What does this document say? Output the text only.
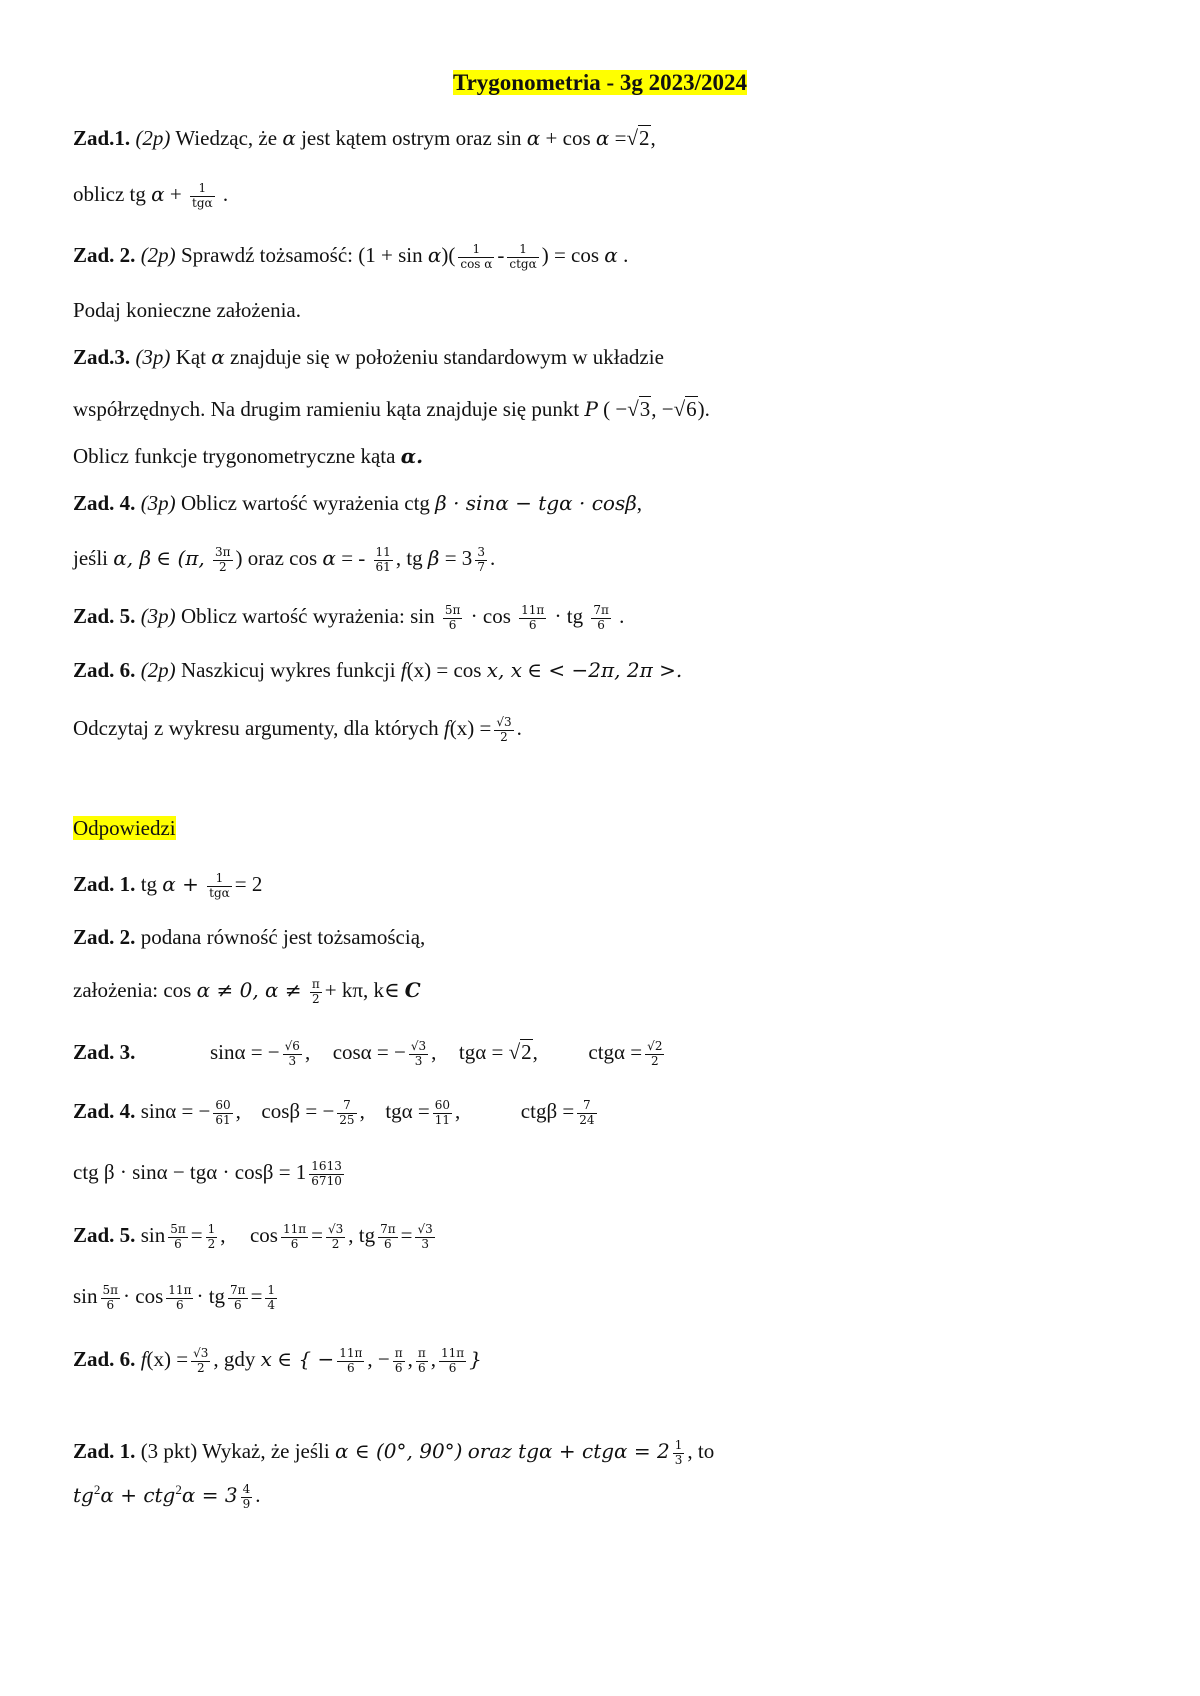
Trygonometria - 3g 2023/2024
Zad.1. (2p) Wiedząc, że α jest kątem ostrym oraz sin α + cos α =√2,
oblicz tg $\alpha + \frac{1}{\text{tgα}}$ .
Zad. 2. (2p) Sprawdź tożsamość: $(1 + \sin \alpha)( \frac{1}{\text{cos α}} - \frac{1}{\text{ctgα}}$ ) = cos α .
Podaj konieczne założenia.
Zad.3. (3p) Kąt α znajduje się w położeniu standardowym w układzie
współrzędnych. Na drugim ramieniu kąta znajduje się punkt P ( −√3, −√6).
Oblicz funkcje trygonometryczne kąta α.
Zad. 4. (3p) Oblicz wartość wyrażenia ctg β · sinα − tgα · cosβ,
jeśli α, β ∈ (π, $\frac{3\pi}{2}$ ) oraz cos α = - $\frac{11}{61}$ , tg $\beta = 3 \frac{3}{7}$ .
Zad. 5. (3p) Oblicz wartość wyrażenia: $\sin \frac{5\pi}{6} \cdot \cos \frac{11\pi}{6}$ · tg $\frac{7\pi}{6}$ .
Zad. 6. (2p) Naszkicuj wykres funkcji f(x) = cos x, x ∈ < −2π, 2π >.
Odczytaj z wykresu argumenty, dla których $f(x) = \frac{√3}{2}$ .
Odpowiedzi
Zad. 1. tg $\alpha + \frac{1}{\text{tgα}} = 2$
Zad. 2. podana równość jest tożsamością,
założenia: cos α ≠ 0, $\alpha \ne \frac{\pi}{2} + k\pi$, k∈ C
Zad. 3.	sinα = − $\frac{√6}{3}$ , cosα = − $\frac{√3}{3}$ , tgα = √2, $ctg\alpha = \frac{√2}{2}$
Zad. 4. sinα = − $\frac{60}{61}$ , cosβ = − $\frac{7}{25}$ , $tg\alpha = \frac{60}{11}$ ,	$ctg\beta = \frac{7}{24}$
ctg $\beta \cdot \sin\alpha - tg\alpha \cdot \cos\beta = 1 \frac{1613}{6710}$
Zad. 5. $\sin \frac{5\pi}{6} = \frac{1}{2}$ , $\cos \frac{11\pi}{6} = \frac{√3}{2}$ , tg $\frac{7\pi}{6} = \frac{√3}{3}$
$\sin \frac{5\pi}{6} \cdot \cos \frac{11\pi}{6}$ · tg $\frac{7\pi}{6} = \frac{1}{4}$
Zad. 6. $f(x) = \frac{√3}{2}$ , gdy x ∈ { − $\frac{11\pi}{6}$ , − $\frac{\pi}{6}$ , $\frac{\pi}{6}$ , $\frac{11\pi}{6}$ }
Zad. 1. (3 pkt) Wykaż, że jeśli α ∈ (0°, 90°) oraz $tg\alpha + ctg\alpha = 2 \frac{1}{3}$ , to
$tg^2\alpha + ctg^2\alpha = 3 \frac{4}{9}$ .
